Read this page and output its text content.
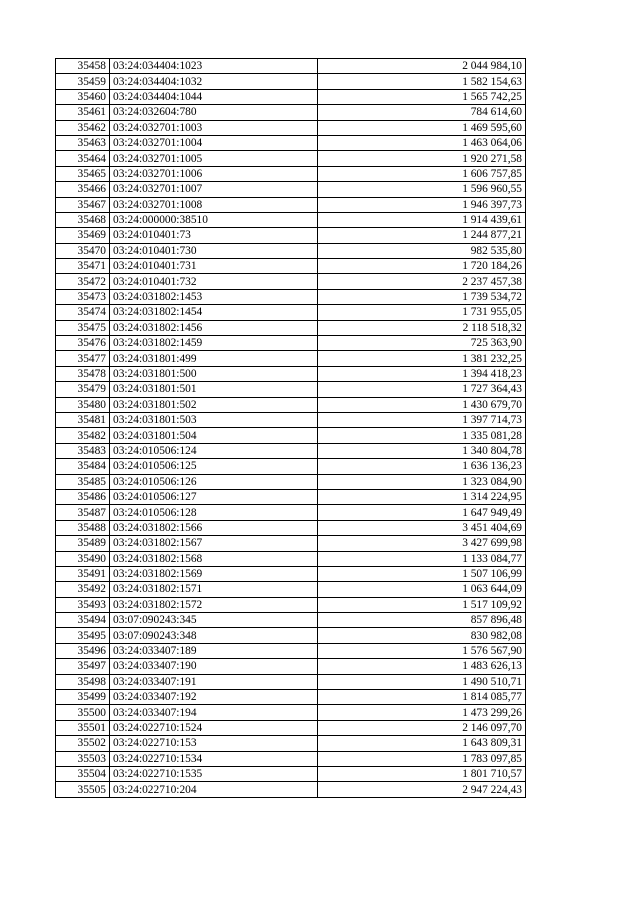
35458	03:24:034404:1023	2 044 984,10
35459	03:24:034404:1032	1 582 154,63
35460	03:24:034404:1044	1 565 742,25
35461	03:24:032604:780	784 614,60
35462	03:24:032701:1003	1 469 595,60
35463	03:24:032701:1004	1 463 064,06
35464	03:24:032701:1005	1 920 271,58
35465	03:24:032701:1006	1 606 757,85
35466	03:24:032701:1007	1 596 960,55
35467	03:24:032701:1008	1 946 397,73
35468	03:24:000000:38510	1 914 439,61
35469	03:24:010401:73	1 244 877,21
35470	03:24:010401:730	982 535,80
35471	03:24:010401:731	1 720 184,26
35472	03:24:010401:732	2 237 457,38
35473	03:24:031802:1453	1 739 534,72
35474	03:24:031802:1454	1 731 955,05
35475	03:24:031802:1456	2 118 518,32
35476	03:24:031802:1459	725 363,90
35477	03:24:031801:499	1 381 232,25
35478	03:24:031801:500	1 394 418,23
35479	03:24:031801:501	1 727 364,43
35480	03:24:031801:502	1 430 679,70
35481	03:24:031801:503	1 397 714,73
35482	03:24:031801:504	1 335 081,28
35483	03:24:010506:124	1 340 804,78
35484	03:24:010506:125	1 636 136,23
35485	03:24:010506:126	1 323 084,90
35486	03:24:010506:127	1 314 224,95
35487	03:24:010506:128	1 647 949,49
35488	03:24:031802:1566	3 451 404,69
35489	03:24:031802:1567	3 427 699,98
35490	03:24:031802:1568	1 133 084,77
35491	03:24:031802:1569	1 507 106,99
35492	03:24:031802:1571	1 063 644,09
35493	03:24:031802:1572	1 517 109,92
35494	03:07:090243:345	857 896,48
35495	03:07:090243:348	830 982,08
35496	03:24:033407:189	1 576 567,90
35497	03:24:033407:190	1 483 626,13
35498	03:24:033407:191	1 490 510,71
35499	03:24:033407:192	1 814 085,77
35500	03:24:033407:194	1 473 299,26
35501	03:24:022710:1524	2 146 097,70
35502	03:24:022710:153	1 643 809,31
35503	03:24:022710:1534	1 783 097,85
35504	03:24:022710:1535	1 801 710,57
35505	03:24:022710:204	2 947 224,43
